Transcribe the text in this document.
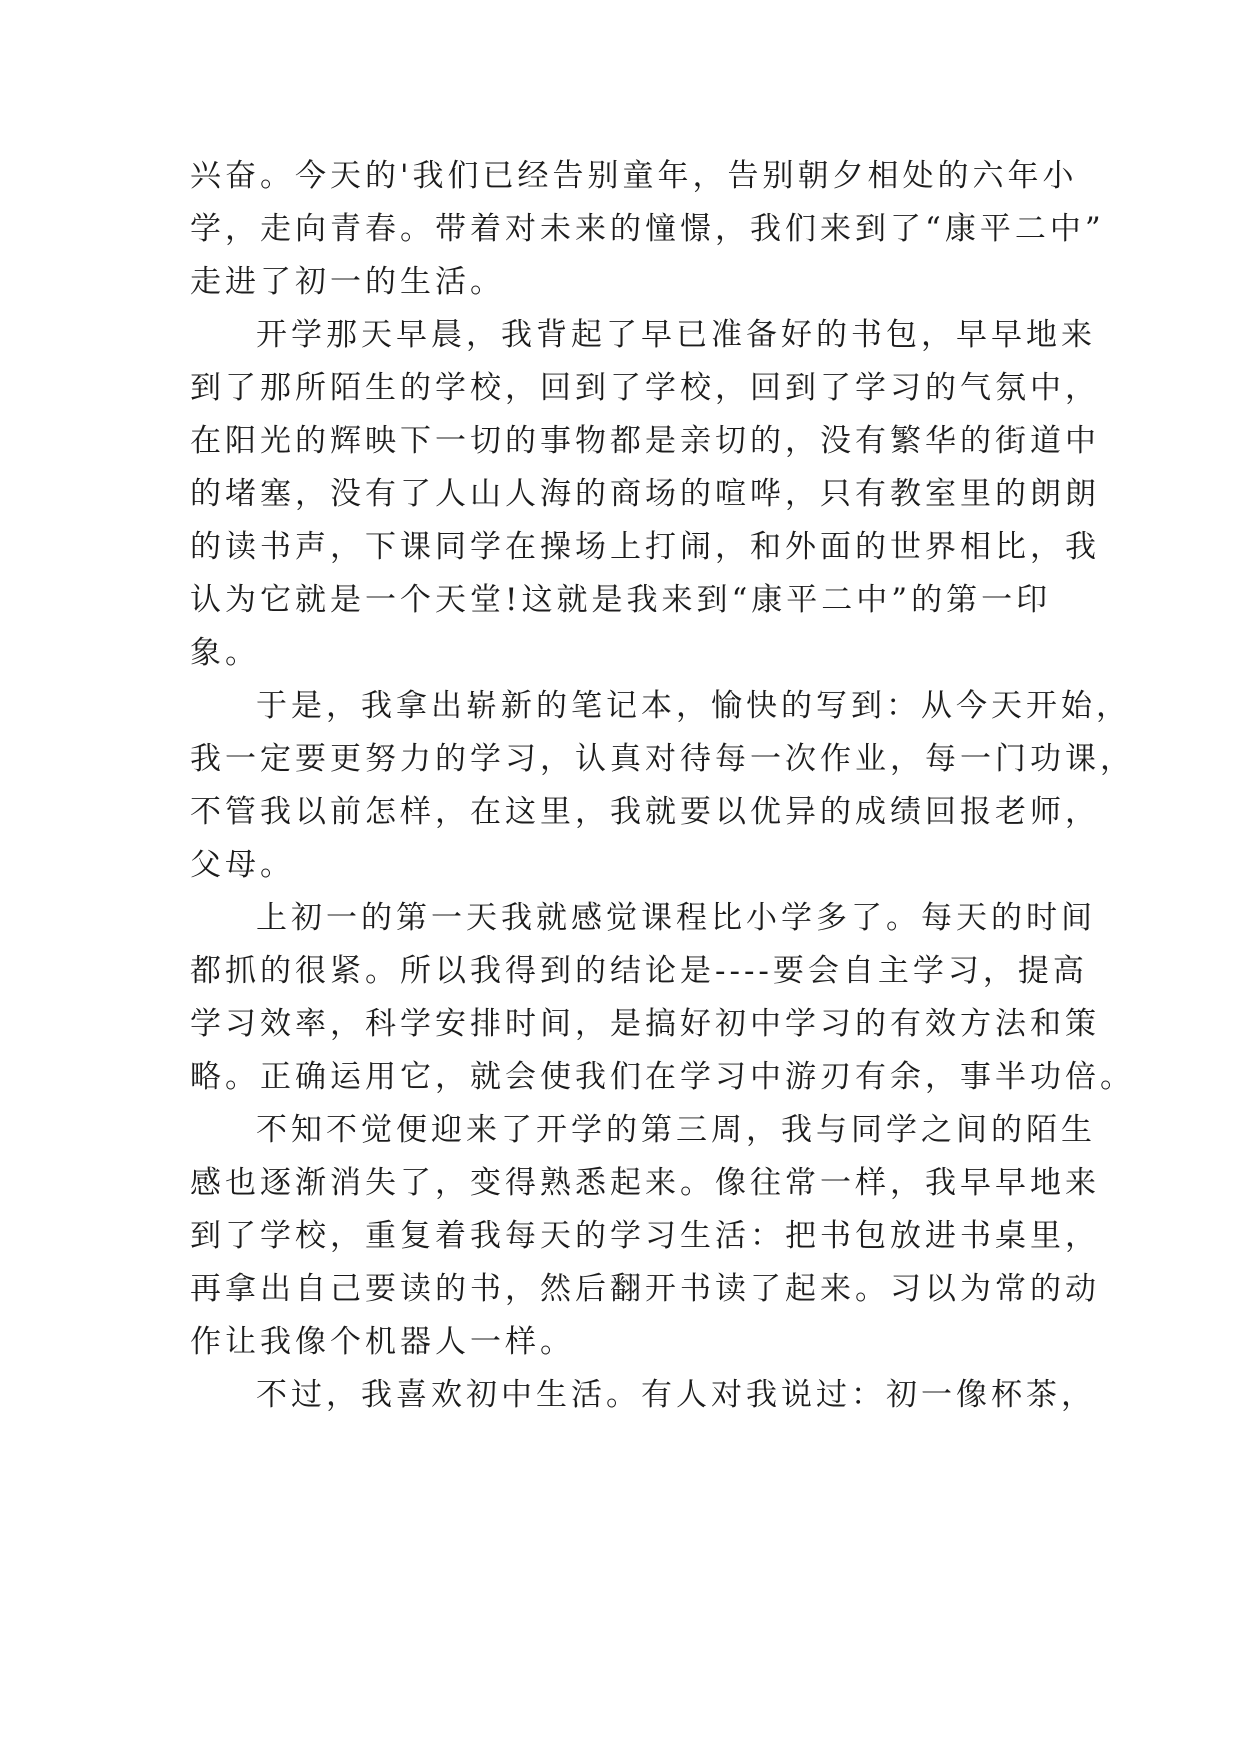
兴奋。今天的'我们已经告别童年，告别朝夕相处的六年小
学，走向青春。带着对未来的憧憬，我们来到了“康平二中”
走进了初一的生活。

开学那天早晨，我背起了早已准备好的书包，早早地来
到了那所陌生的学校，回到了学校，回到了学习的气氛中，
在阳光的辉映下一切的事物都是亲切的，没有繁华的街道中
的堵塞，没有了人山人海的商场的喧哗，只有教室里的朗朗
的读书声，下课同学在操场上打闹，和外面的世界相比，我
认为它就是一个天堂!这就是我来到“康平二中”的第一印
象。

于是，我拿出崭新的笔记本，愉快的写到：从今天开始，
我一定要更努力的学习，认真对待每一次作业，每一门功课，
不管我以前怎样，在这里，我就要以优异的成绩回报老师，
父母。

上初一的第一天我就感觉课程比小学多了。每天的时间
都抓的很紧。所以我得到的结论是----要会自主学习，提高
学习效率，科学安排时间，是搞好初中学习的有效方法和策
略。正确运用它，就会使我们在学习中游刃有余，事半功倍。

不知不觉便迎来了开学的第三周，我与同学之间的陌生
感也逐渐消失了，变得熟悉起来。像往常一样，我早早地来
到了学校，重复着我每天的学习生活：把书包放进书桌里，
再拿出自己要读的书，然后翻开书读了起来。习以为常的动
作让我像个机器人一样。

不过，我喜欢初中生活。有人对我说过：初一像杯茶，
